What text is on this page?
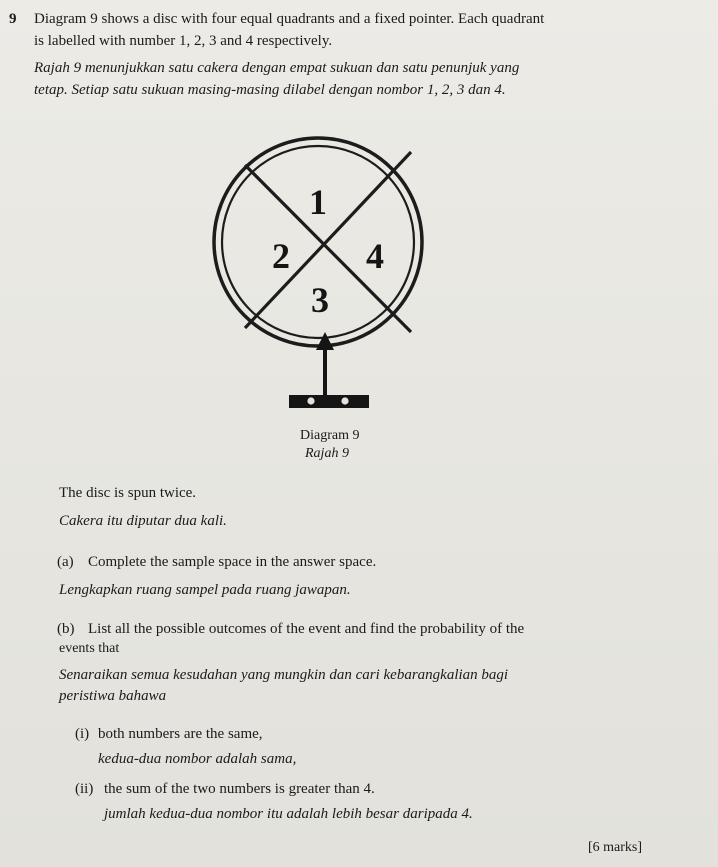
9 Diagram 9 shows a disc with four equal quadrants and a fixed pointer. Each quadrant
is labelled with number 1, 2, 3 and 4 respectively.
Rajah 9 menunjukkan satu cakera dengan empat sukuan dan satu penunjuk yang
tetap. Setiap satu sukuan masing-masing dilabel dengan nombor 1, 2, 3 dan 4.
1
2
3
4
Diagram 9
Rajah 9
The disc is spun twice.
Cakera itu diputar dua kali.
(a) Complete the sample space in the answer space.
Lengkapkan ruang sampel pada ruang jawapan.
(b) List all the possible outcomes of the event and find the probability of the
events that
Senaraikan semua kesudahan yang mungkin dan cari kebarangkalian bagi
peristiwa bahawa
(i) both numbers are the same,
kedua-dua nombor adalah sama,
(ii) the sum of the two numbers is greater than 4.
jumlah kedua-dua nombor itu adalah lebih besar daripada 4.
[6 marks]
